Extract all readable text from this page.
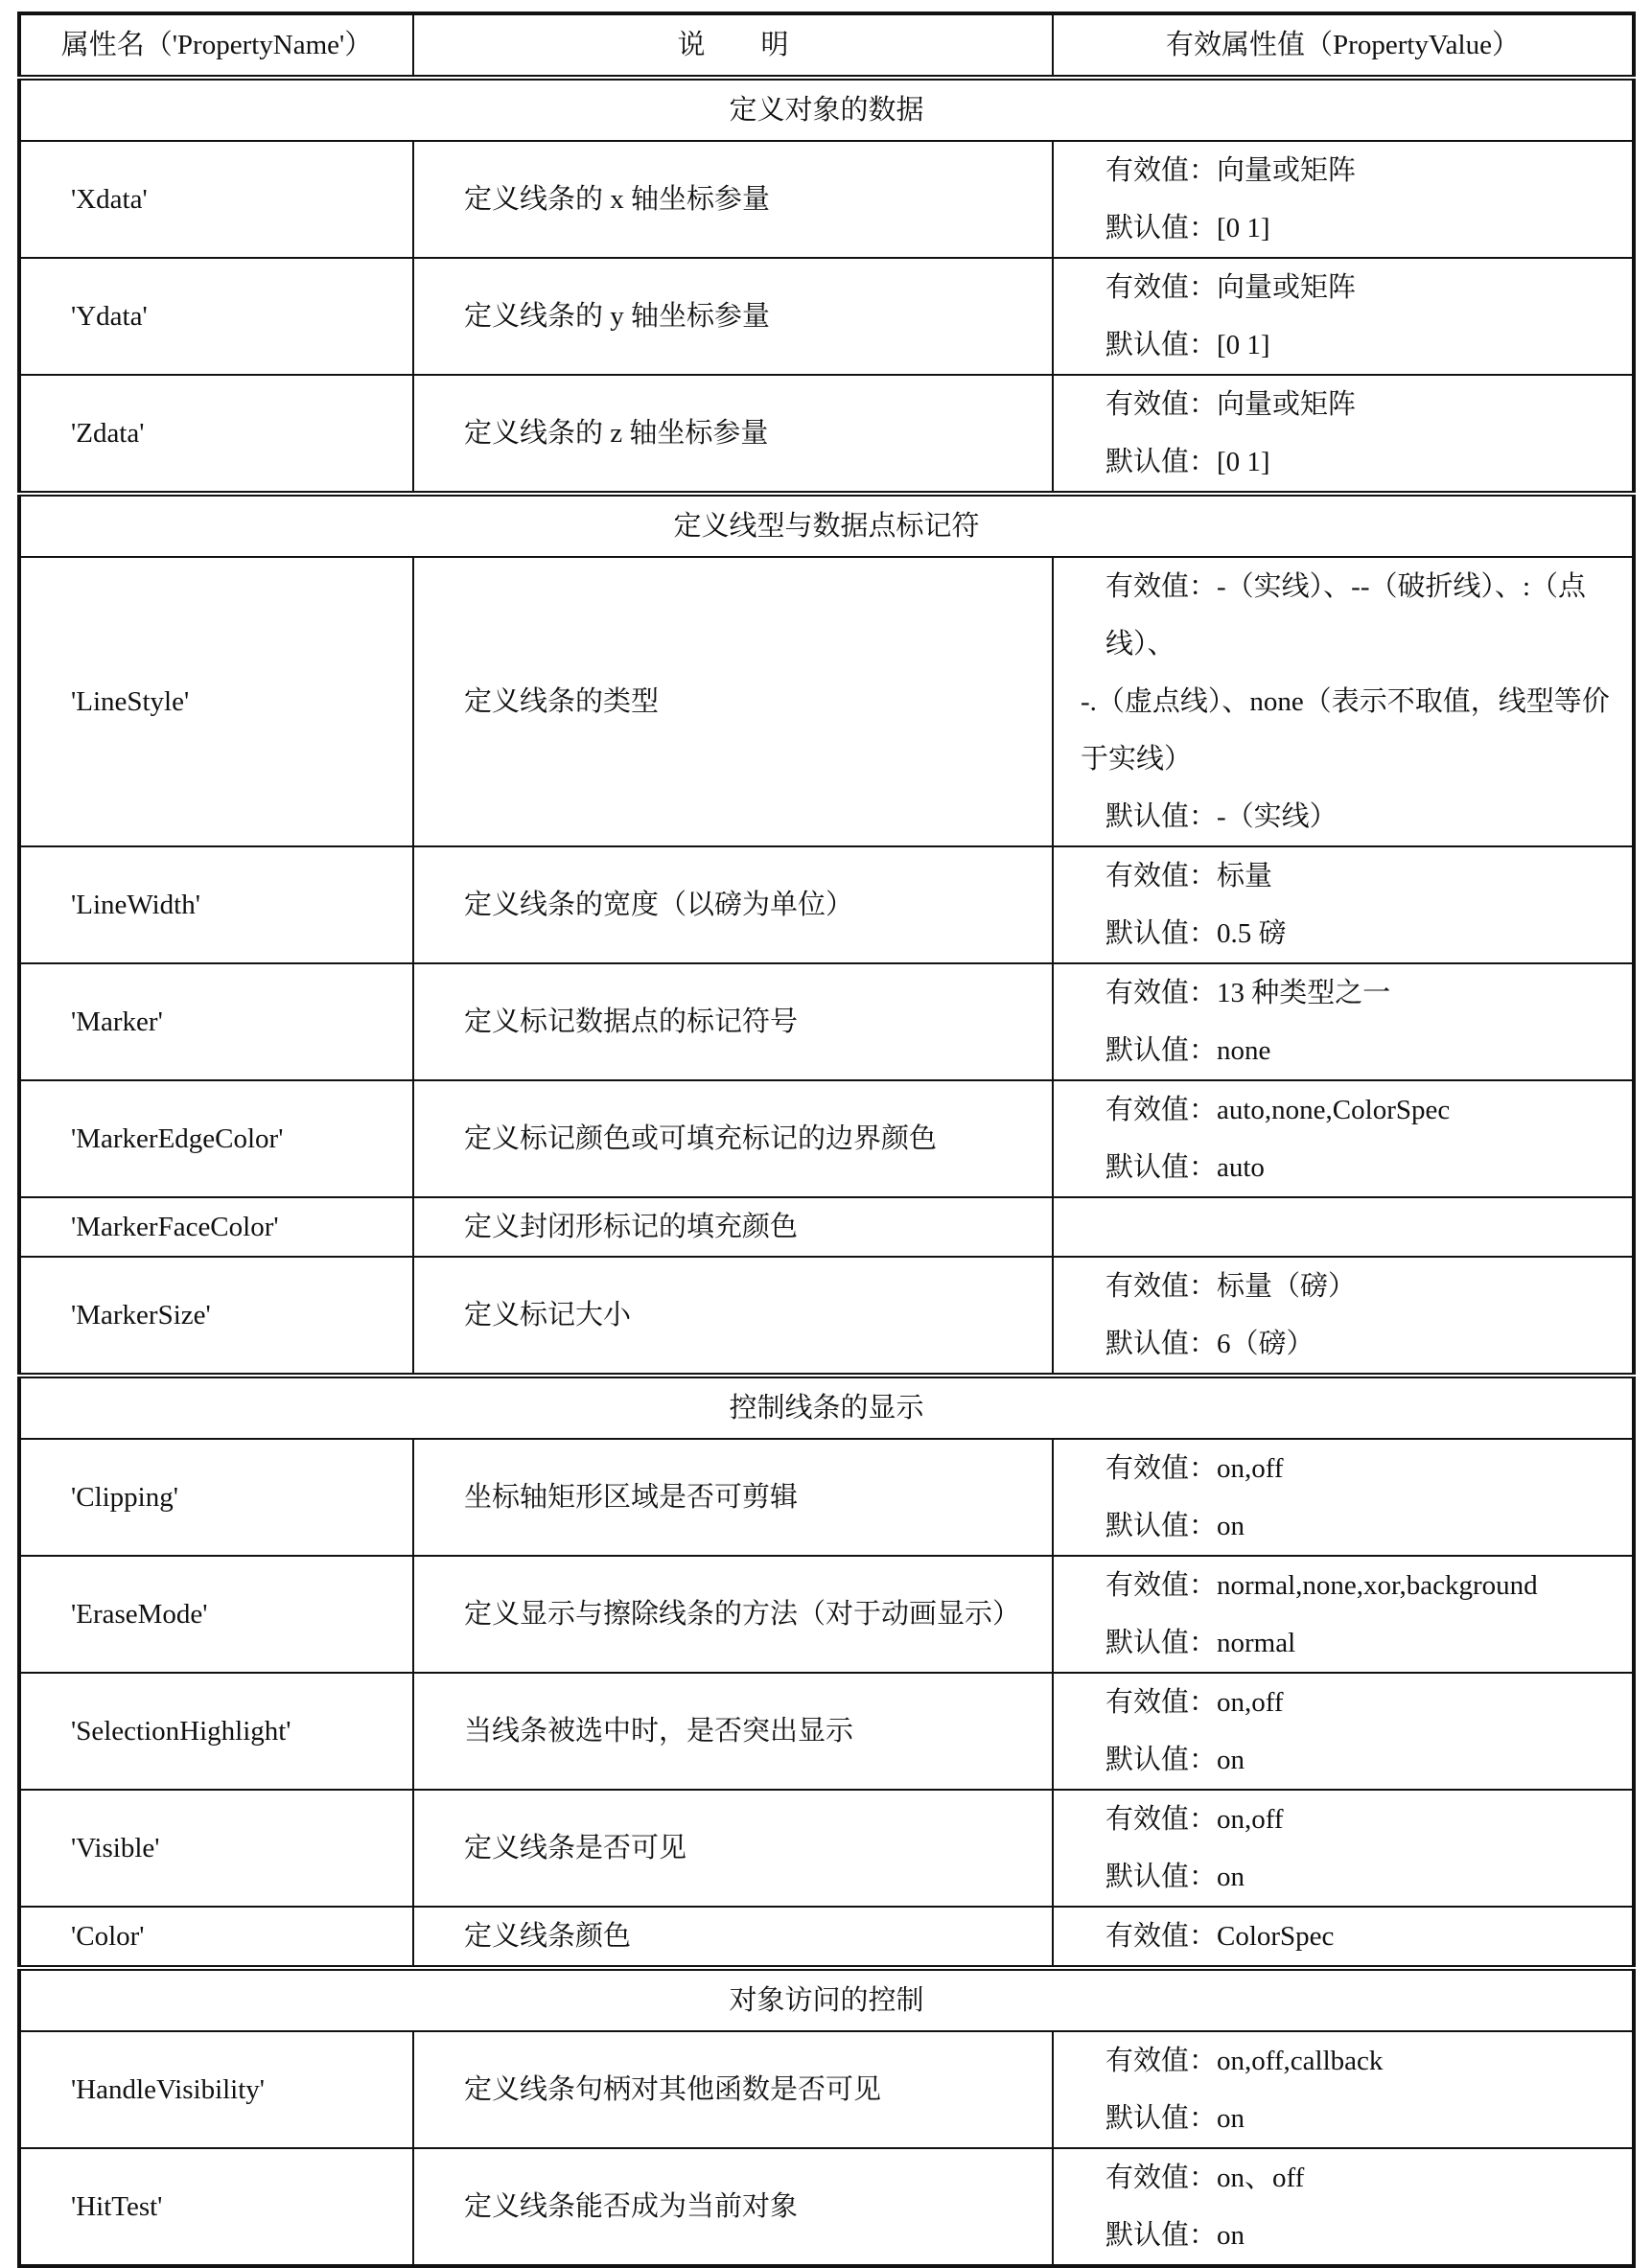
属性名（'PropertyName'）	说　　明	有效属性值（PropertyValue）
定义对象的数据		
'Xdata'	定义线条的 x 轴坐标参量	有效值：向量或矩阵
默认值：[0 1]

'Ydata'	定义线条的 y 轴坐标参量	有效值：向量或矩阵
默认值：[0 1]

'Zdata'	定义线条的 z 轴坐标参量	有效值：向量或矩阵
默认值：[0 1]

定义线型与数据点标记符		
'LineStyle'	定义线条的类型	有效值：-（实线）、--（破折线）、:（点线）、
-.（虚点线）、none（表示不取值，线型等价
于实线）
默认值：-（实线）

'LineWidth'	定义线条的宽度（以磅为单位）	有效值：标量
默认值：0.5 磅

'Marker'	定义标记数据点的标记符号	有效值：13 种类型之一
默认值：none

'MarkerEdgeColor'	定义标记颜色或可填充标记的边界颜色	有效值：auto,none,ColorSpec
默认值：auto

'MarkerFaceColor'	定义封闭形标记的填充颜色	
'MarkerSize'	定义标记大小	有效值：标量（磅）
默认值：6（磅）

控制线条的显示		
'Clipping'	坐标轴矩形区域是否可剪辑	有效值：on,off
默认值：on

'EraseMode'	定义显示与擦除线条的方法（对于动画显示）	有效值：normal,none,xor,background
默认值：normal

'SelectionHighlight'	当线条被选中时，是否突出显示	有效值：on,off
默认值：on

'Visible'	定义线条是否可见	有效值：on,off
默认值：on

'Color'	定义线条颜色	有效值：ColorSpec

对象访问的控制		
'HandleVisibility'	定义线条句柄对其他函数是否可见	有效值：on,off,callback
默认值：on

'HitTest'	定义线条能否成为当前对象	有效值：on、off
默认值：on
